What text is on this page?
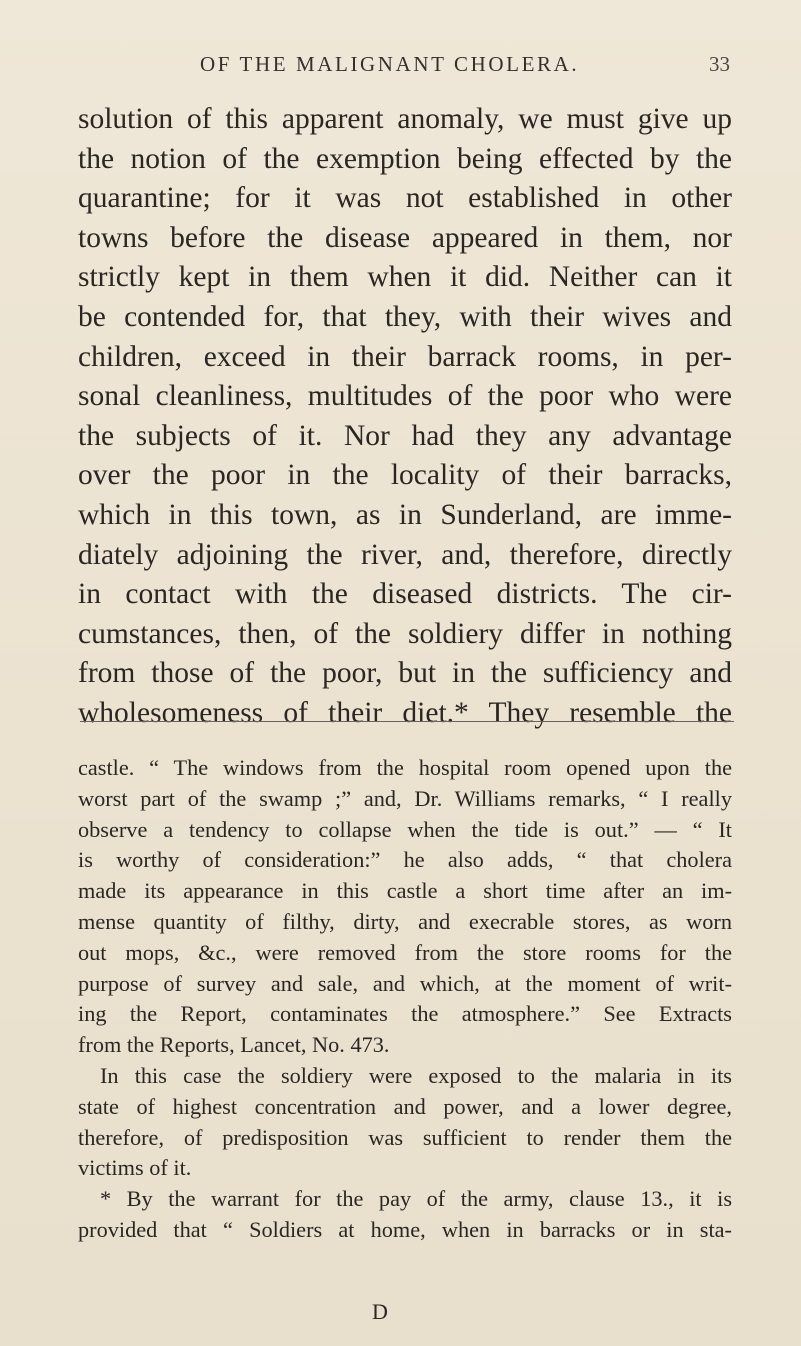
OF THE MALIGNANT CHOLERA.	33
solution of this apparent anomaly, we must give up
the notion of the exemption being effected by the
quarantine; for it was not established in other
towns before the disease appeared in them, nor
strictly kept in them when it did. Neither can it
be contended for, that they, with their wives and
children, exceed in their barrack rooms, in per-
sonal cleanliness, multitudes of the poor who were
the subjects of it. Nor had they any advantage
over the poor in the locality of their barracks,
which in this town, as in Sunderland, are imme-
diately adjoining the river, and, therefore, directly
in contact with the diseased districts. The cir-
cumstances, then, of the soldiery differ in nothing
from those of the poor, but in the sufficiency and
wholesomeness of their diet.* They resemble the
castle. “ The windows from the hospital room opened upon the
worst part of the swamp ;” and, Dr. Williams remarks, “ I really
observe a tendency to collapse when the tide is out.” — “ It
is worthy of consideration:” he also adds, “ that cholera
made its appearance in this castle a short time after an im-
mense quantity of filthy, dirty, and execrable stores, as worn
out mops, &c., were removed from the store rooms for the
purpose of survey and sale, and which, at the moment of writ-
ing the Report, contaminates the atmosphere.” See Extracts
from the Reports, Lancet, No. 473.
In this case the soldiery were exposed to the malaria in its
state of highest concentration and power, and a lower degree,
therefore, of predisposition was sufficient to render them the
victims of it.
* By the warrant for the pay of the army, clause 13., it is
provided that “ Soldiers at home, when in barracks or in sta-
D
